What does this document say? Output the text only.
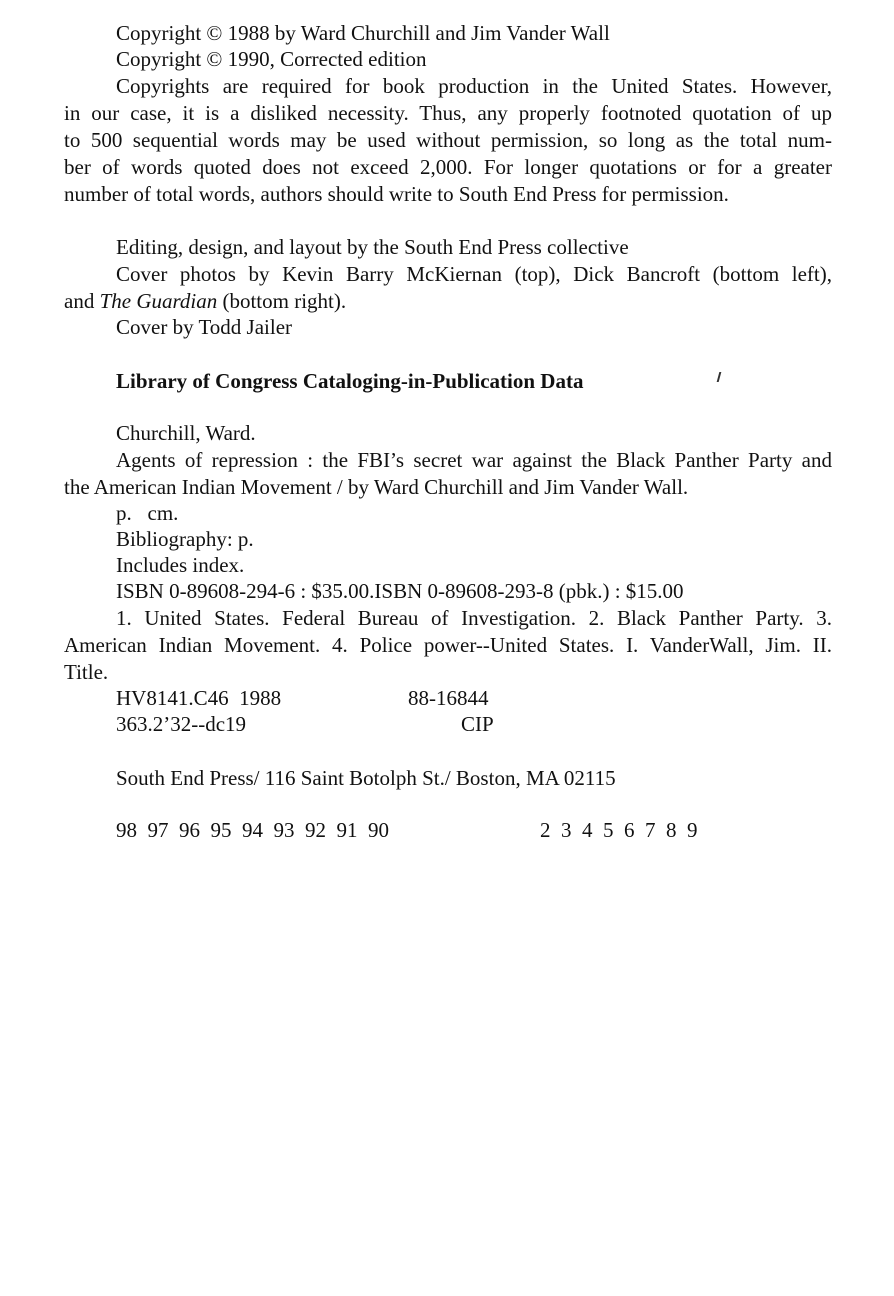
Copyright © 1988 by Ward Churchill and Jim Vander Wall
Copyright © 1990, Corrected edition
Copyrights are required for book production in the United States. However,
in our case, it is a disliked necessity. Thus, any properly footnoted quotation of up
to 500 sequential words may be used without permission, so long as the total num-
ber of words quoted does not exceed 2,000. For longer quotations or for a greater
number of total words, authors should write to South End Press for permission.
Editing, design, and layout by the South End Press collective
Cover photos by Kevin Barry McKiernan (top), Dick Bancroft (bottom left),
and The Guardian (bottom right).
Cover by Todd Jailer
Library of Congress Cataloging-in-Publication Data
Churchill, Ward.
Agents of repression : the FBI’s secret war against the Black Panther Party and
the American Indian Movement / by Ward Churchill and Jim Vander Wall.
p.   cm.
Bibliography: p.
Includes index.
ISBN 0-89608-294-6 : $35.00.ISBN 0-89608-293-8 (pbk.) : $15.00
1. United States. Federal Bureau of Investigation. 2. Black Panther Party. 3.
American Indian Movement. 4. Police power--United States. I. VanderWall, Jim. II.
Title.
HV8141.C46  1988	88-16844
363.2’32--dc19	CIP
South End Press/ 116 Saint Botolph St./ Boston, MA 02115
98  97  96  95  94  93  92  91  90	2  3  4  5  6  7  8  9
